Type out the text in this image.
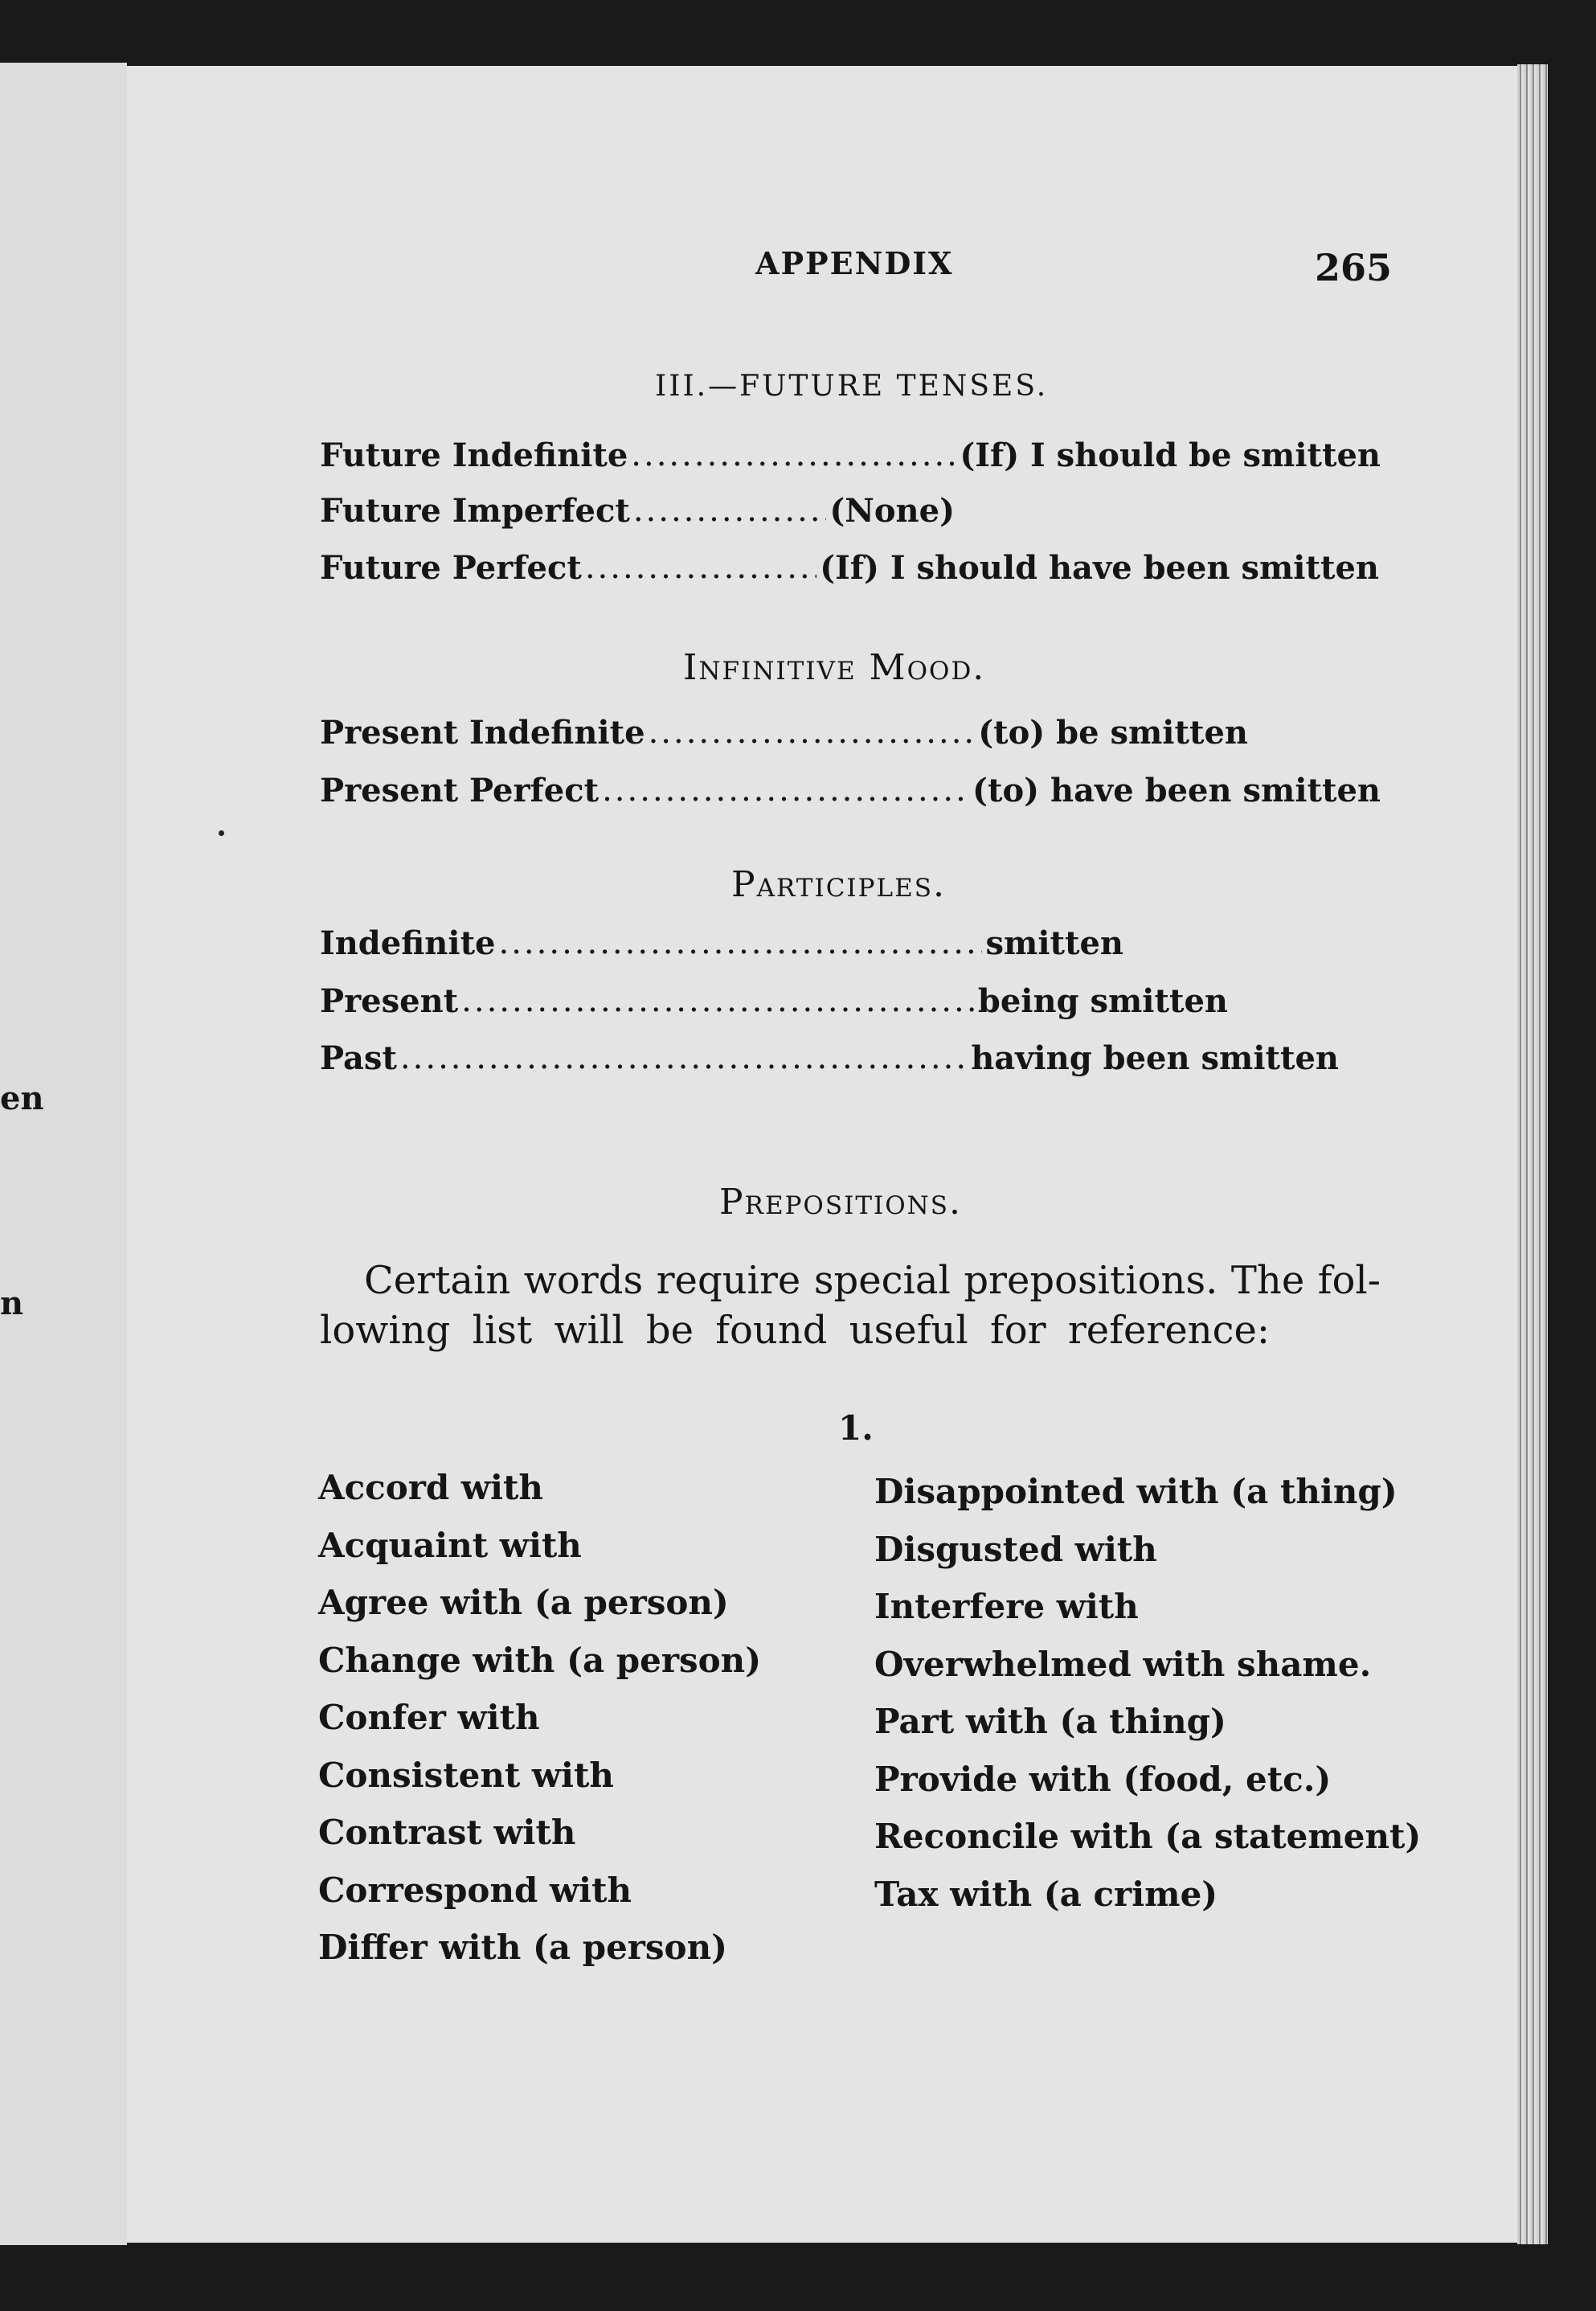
en
n
APPENDIX	265
III.—FUTURE TENSES.
Future Indefinite .....	(If) I should be smitten
Future Imperfect .....	(None)
Future Perfect .....	(If) I should have been smitten
Infinitive Mood.
Present Indefinite .....	(to) be smitten
Present Perfect .....	(to) have been smitten
Participles.
Indefinite .....	smitten
Present .....	being smitten
Past .....	having been smitten
Prepositions.
Certain words require special prepositions. The fol-
lowing list will be found useful for reference:
1.
Accord with
Acquaint with
Agree with (a person)
Change with (a person)
Confer with
Consistent with
Contrast with
Correspond with
Differ with (a person)
Disappointed with (a thing)
Disgusted with
Interfere with
Overwhelmed with shame.
Part with (a thing)
Provide with (food, etc.)
Reconcile with (a statement)
Tax with (a crime)
